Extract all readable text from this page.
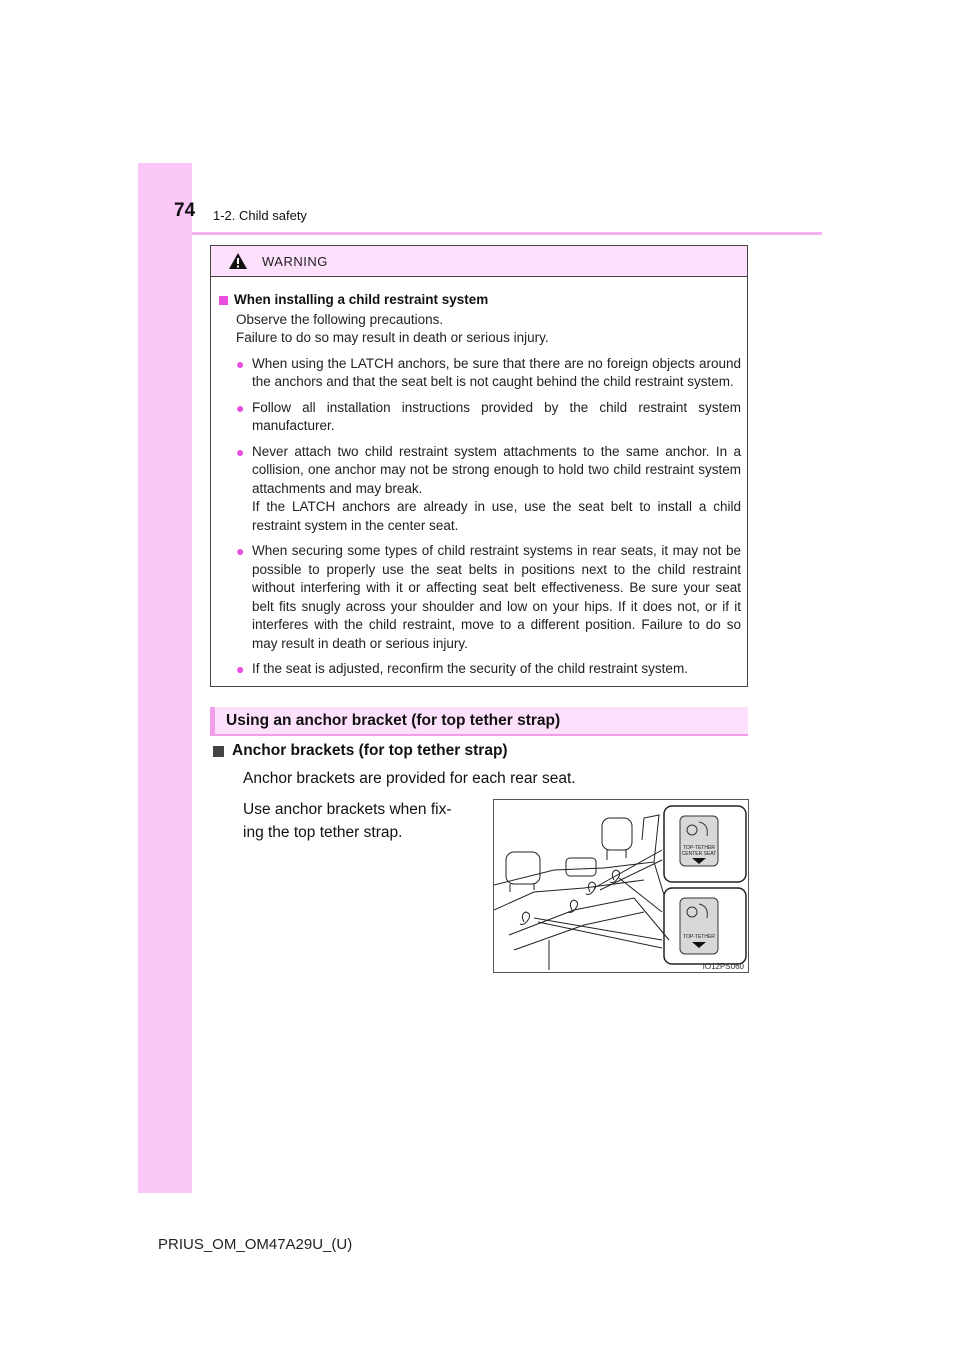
74 1-2. Child safety
WARNING
When installing a child restraint system
Observe the following precautions.
Failure to do so may result in death or serious injury.
● When using the LATCH anchors, be sure that there are no foreign objects around the anchors and that the seat belt is not caught behind the child restraint system.
● Follow all installation instructions provided by the child restraint system manufacturer.
● Never attach two child restraint system attachments to the same anchor. In a collision, one anchor may not be strong enough to hold two child restraint system attachments and may break.
If the LATCH anchors are already in use, use the seat belt to install a child restraint system in the center seat.
● When securing some types of child restraint systems in rear seats, it may not be possible to properly use the seat belts in positions next to the child restraint without interfering with it or affecting seat belt effectiveness. Be sure your seat belt fits snugly across your shoulder and low on your hips. If it does not, or if it interferes with the child restraint, move to a different position. Failure to do so may result in death or serious injury.
● If the seat is adjusted, reconfirm the security of the child restraint system.
Using an anchor bracket (for top tether strap)
Anchor brackets (for top tether strap)
Anchor brackets are provided for each rear seat.
Use anchor brackets when fix-
ing the top tether strap.
TOP-TETHER
CENTER SEAT
TOP-TETHER
IO12PS060
PRIUS_OM_OM47A29U_(U)
